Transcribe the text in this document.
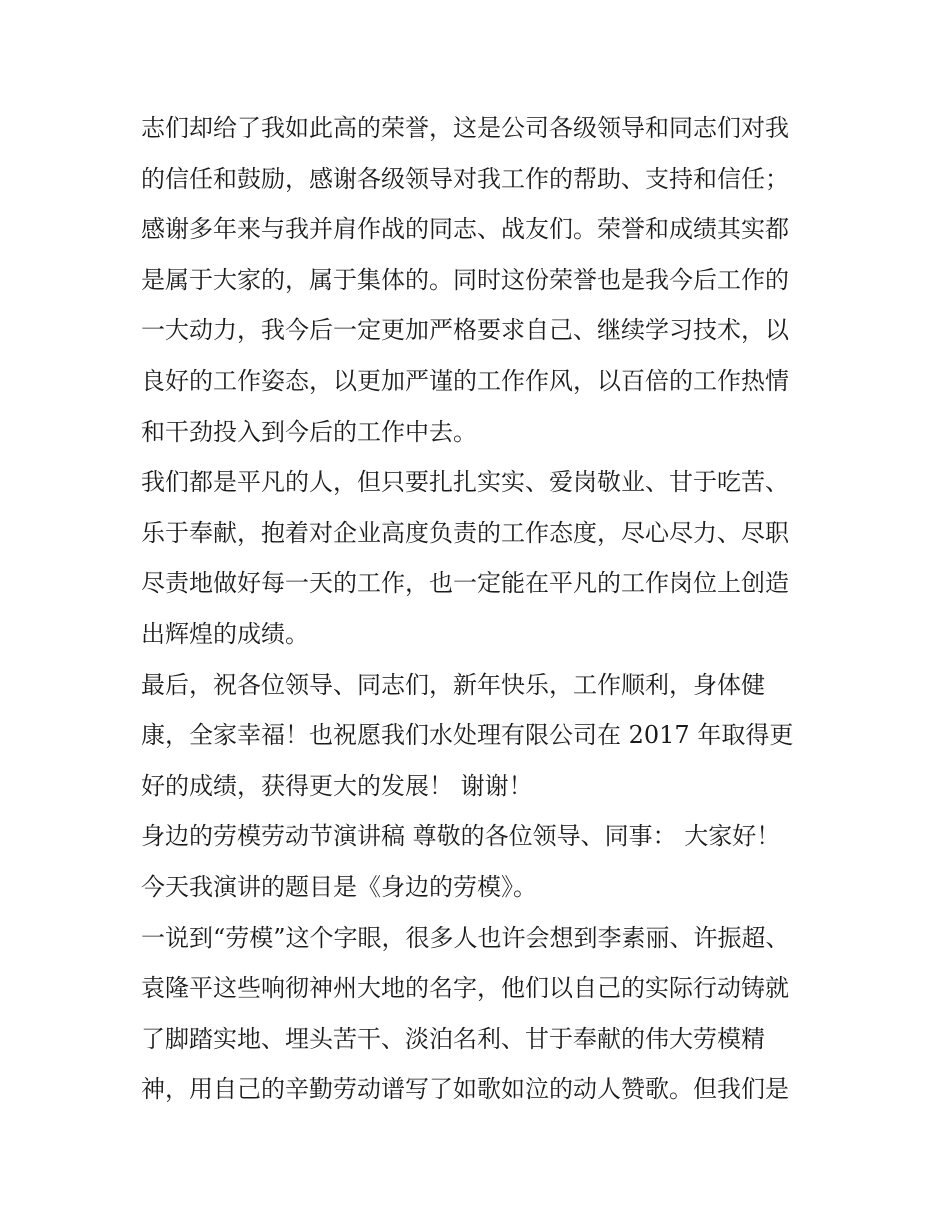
志们却给了我如此高的荣誉，这是公司各级领导和同志们对我
的信任和鼓励，感谢各级领导对我工作的帮助、支持和信任；
感谢多年来与我并肩作战的同志、战友们。荣誉和成绩其实都
是属于大家的，属于集体的。同时这份荣誉也是我今后工作的
一大动力，我今后一定更加严格要求自己、继续学习技术，以
良好的工作姿态，以更加严谨的工作作风，以百倍的工作热情
和干劲投入到今后的工作中去。
我们都是平凡的人，但只要扎扎实实、爱岗敬业、甘于吃苦、
乐于奉献，抱着对企业高度负责的工作态度，尽心尽力、尽职
尽责地做好每一天的工作，也一定能在平凡的工作岗位上创造
出辉煌的成绩。
最后，祝各位领导、同志们，新年快乐，工作顺利，身体健
康，全家幸福！也祝愿我们水处理有限公司在 2017 年取得更
好的成绩，获得更大的发展！ 谢谢！
身边的劳模劳动节演讲稿 尊敬的各位领导、同事： 大家好！
今天我演讲的题目是《身边的劳模》。
一说到“劳模”这个字眼，很多人也许会想到李素丽、许振超、
袁隆平这些响彻神州大地的名字，他们以自己的实际行动铸就
了脚踏实地、埋头苦干、淡泊名利、甘于奉献的伟大劳模精
神，用自己的辛勤劳动谱写了如歌如泣的动人赞歌。但我们是
